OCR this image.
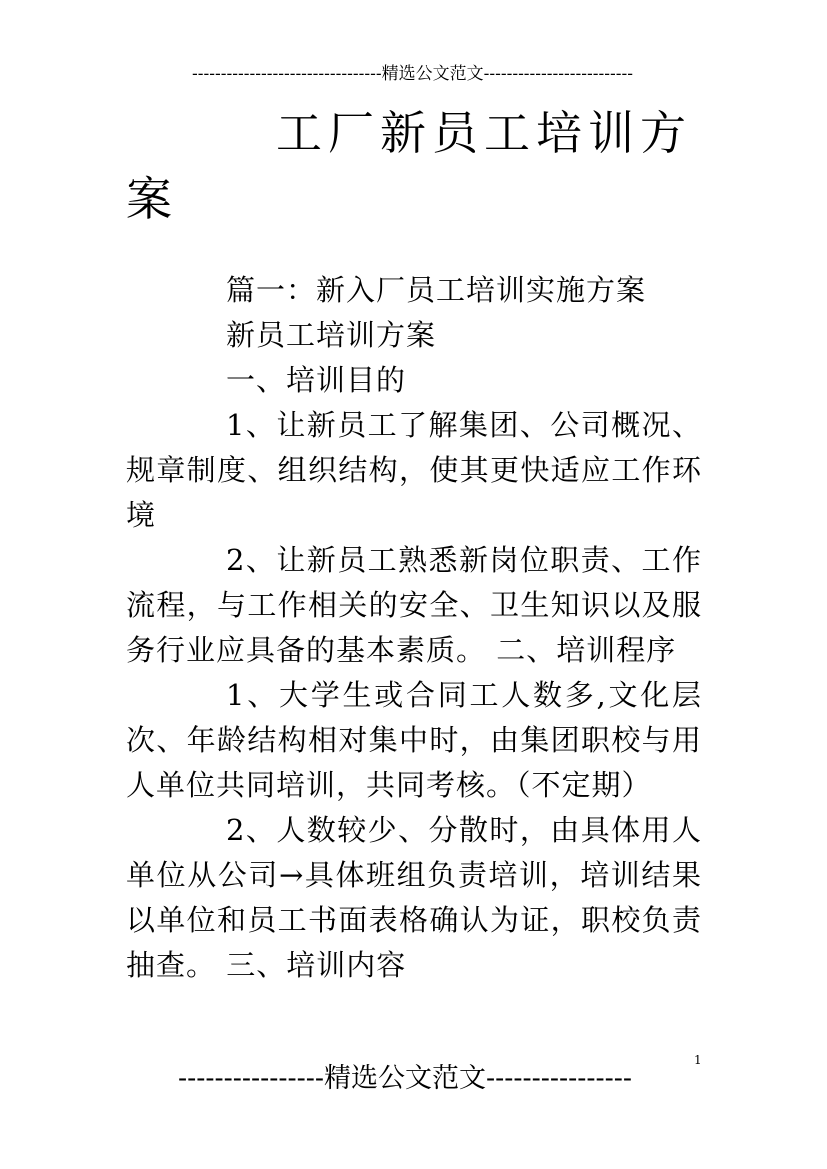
---------------------------------精选公文范文--------------------------
工厂新员工培训方
案

篇一：新入厂员工培训实施方案

新员工培训方案

一、培训目的

1、让新员工了解集团、公司概况、规章制度、组织结构，使其更快适应工作环境

2、让新员工熟悉新岗位职责、工作流程，与工作相关的安全、卫生知识以及服务行业应具备的基本素质。 二、培训程序

1、大学生或合同工人数多,文化层次、年龄结构相对集中时，由集团职校与用人单位共同培训，共同考核。（不定期）

2、人数较少、分散时，由具体用人单位从公司→具体班组负责培训，培训结果以单位和员工书面表格确认为证，职校负责抽查。 三、培训内容

----------------精选公文范文----------------
1
